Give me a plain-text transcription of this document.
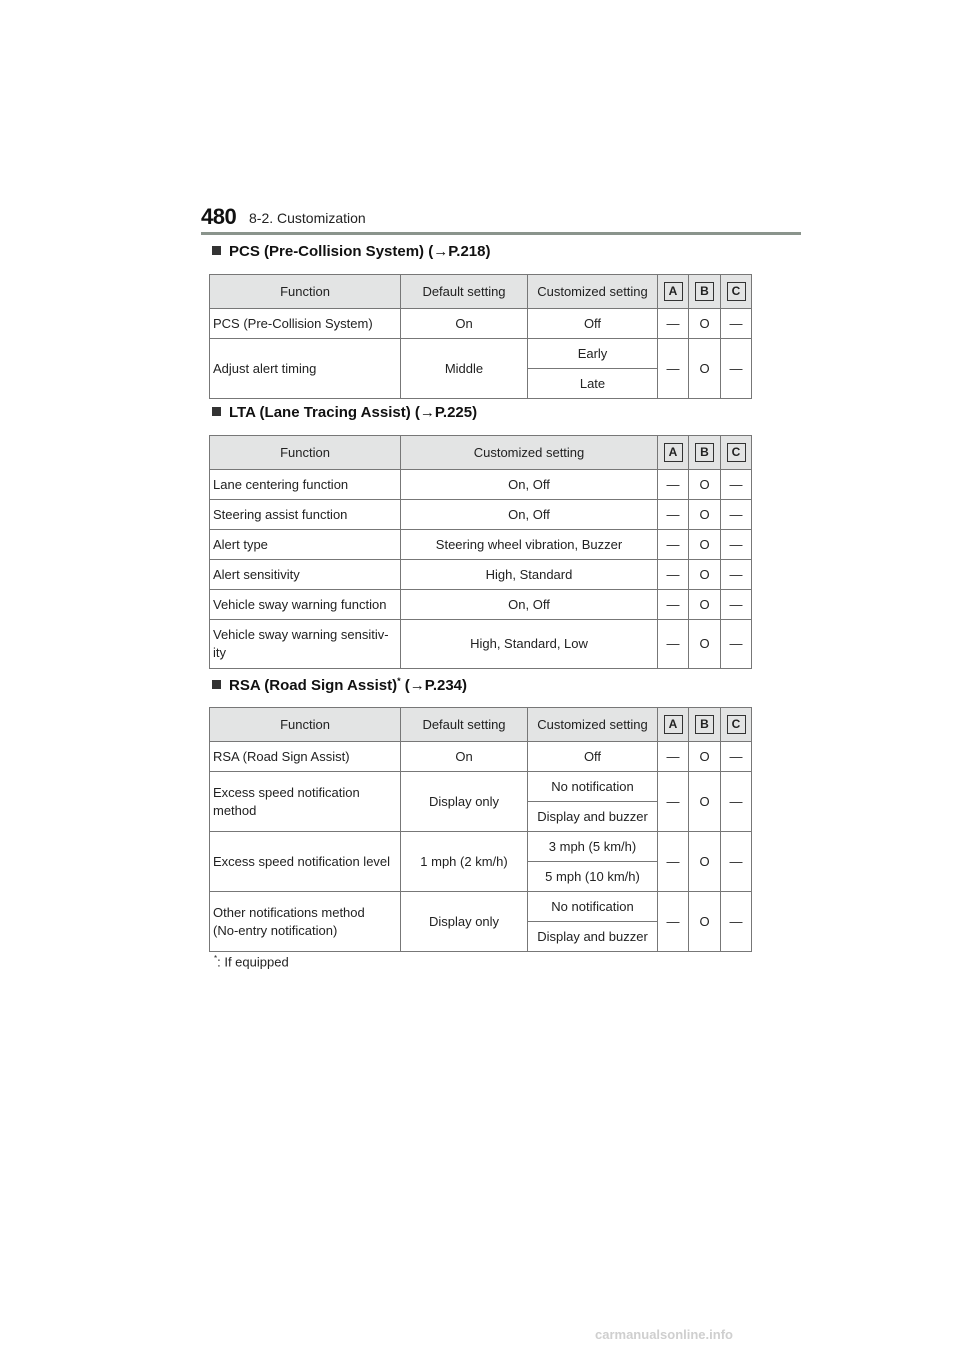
480 8-2. Customization
PCS (Pre-Collision System) (→P.218)
Function	Default setting	Customized setting	A	B	C
PCS (Pre-Collision System)	On	Off	—	O	—
Adjust alert timing	Middle	Early	—	O	—
		Late			
LTA (Lane Tracing Assist) (→P.225)
Function	Customized setting	A	B	C
Lane centering function	On, Off	—	O	—
Steering assist function	On, Off	—	O	—
Alert type	Steering wheel vibration, Buzzer	—	O	—
Alert sensitivity	High, Standard	—	O	—
Vehicle sway warning function	On, Off	—	O	—
Vehicle sway warning sensitiv-
ity	High, Standard, Low	—	O	—
RSA (Road Sign Assist)* (→P.234)
Function	Default setting	Customized setting	A	B	C
RSA (Road Sign Assist)	On	Off	—	O	—
Excess speed notification
method	Display only	No notification	—	O	—
		Display and buzzer			
Excess speed notification level	1 mph (2 km/h)	3 mph (5 km/h)	—	O	—
		5 mph (10 km/h)			
Other notifications method
(No-entry notification)	Display only	No notification	—	O	—
		Display and buzzer			
*: If equipped
carmanualsonline.info
